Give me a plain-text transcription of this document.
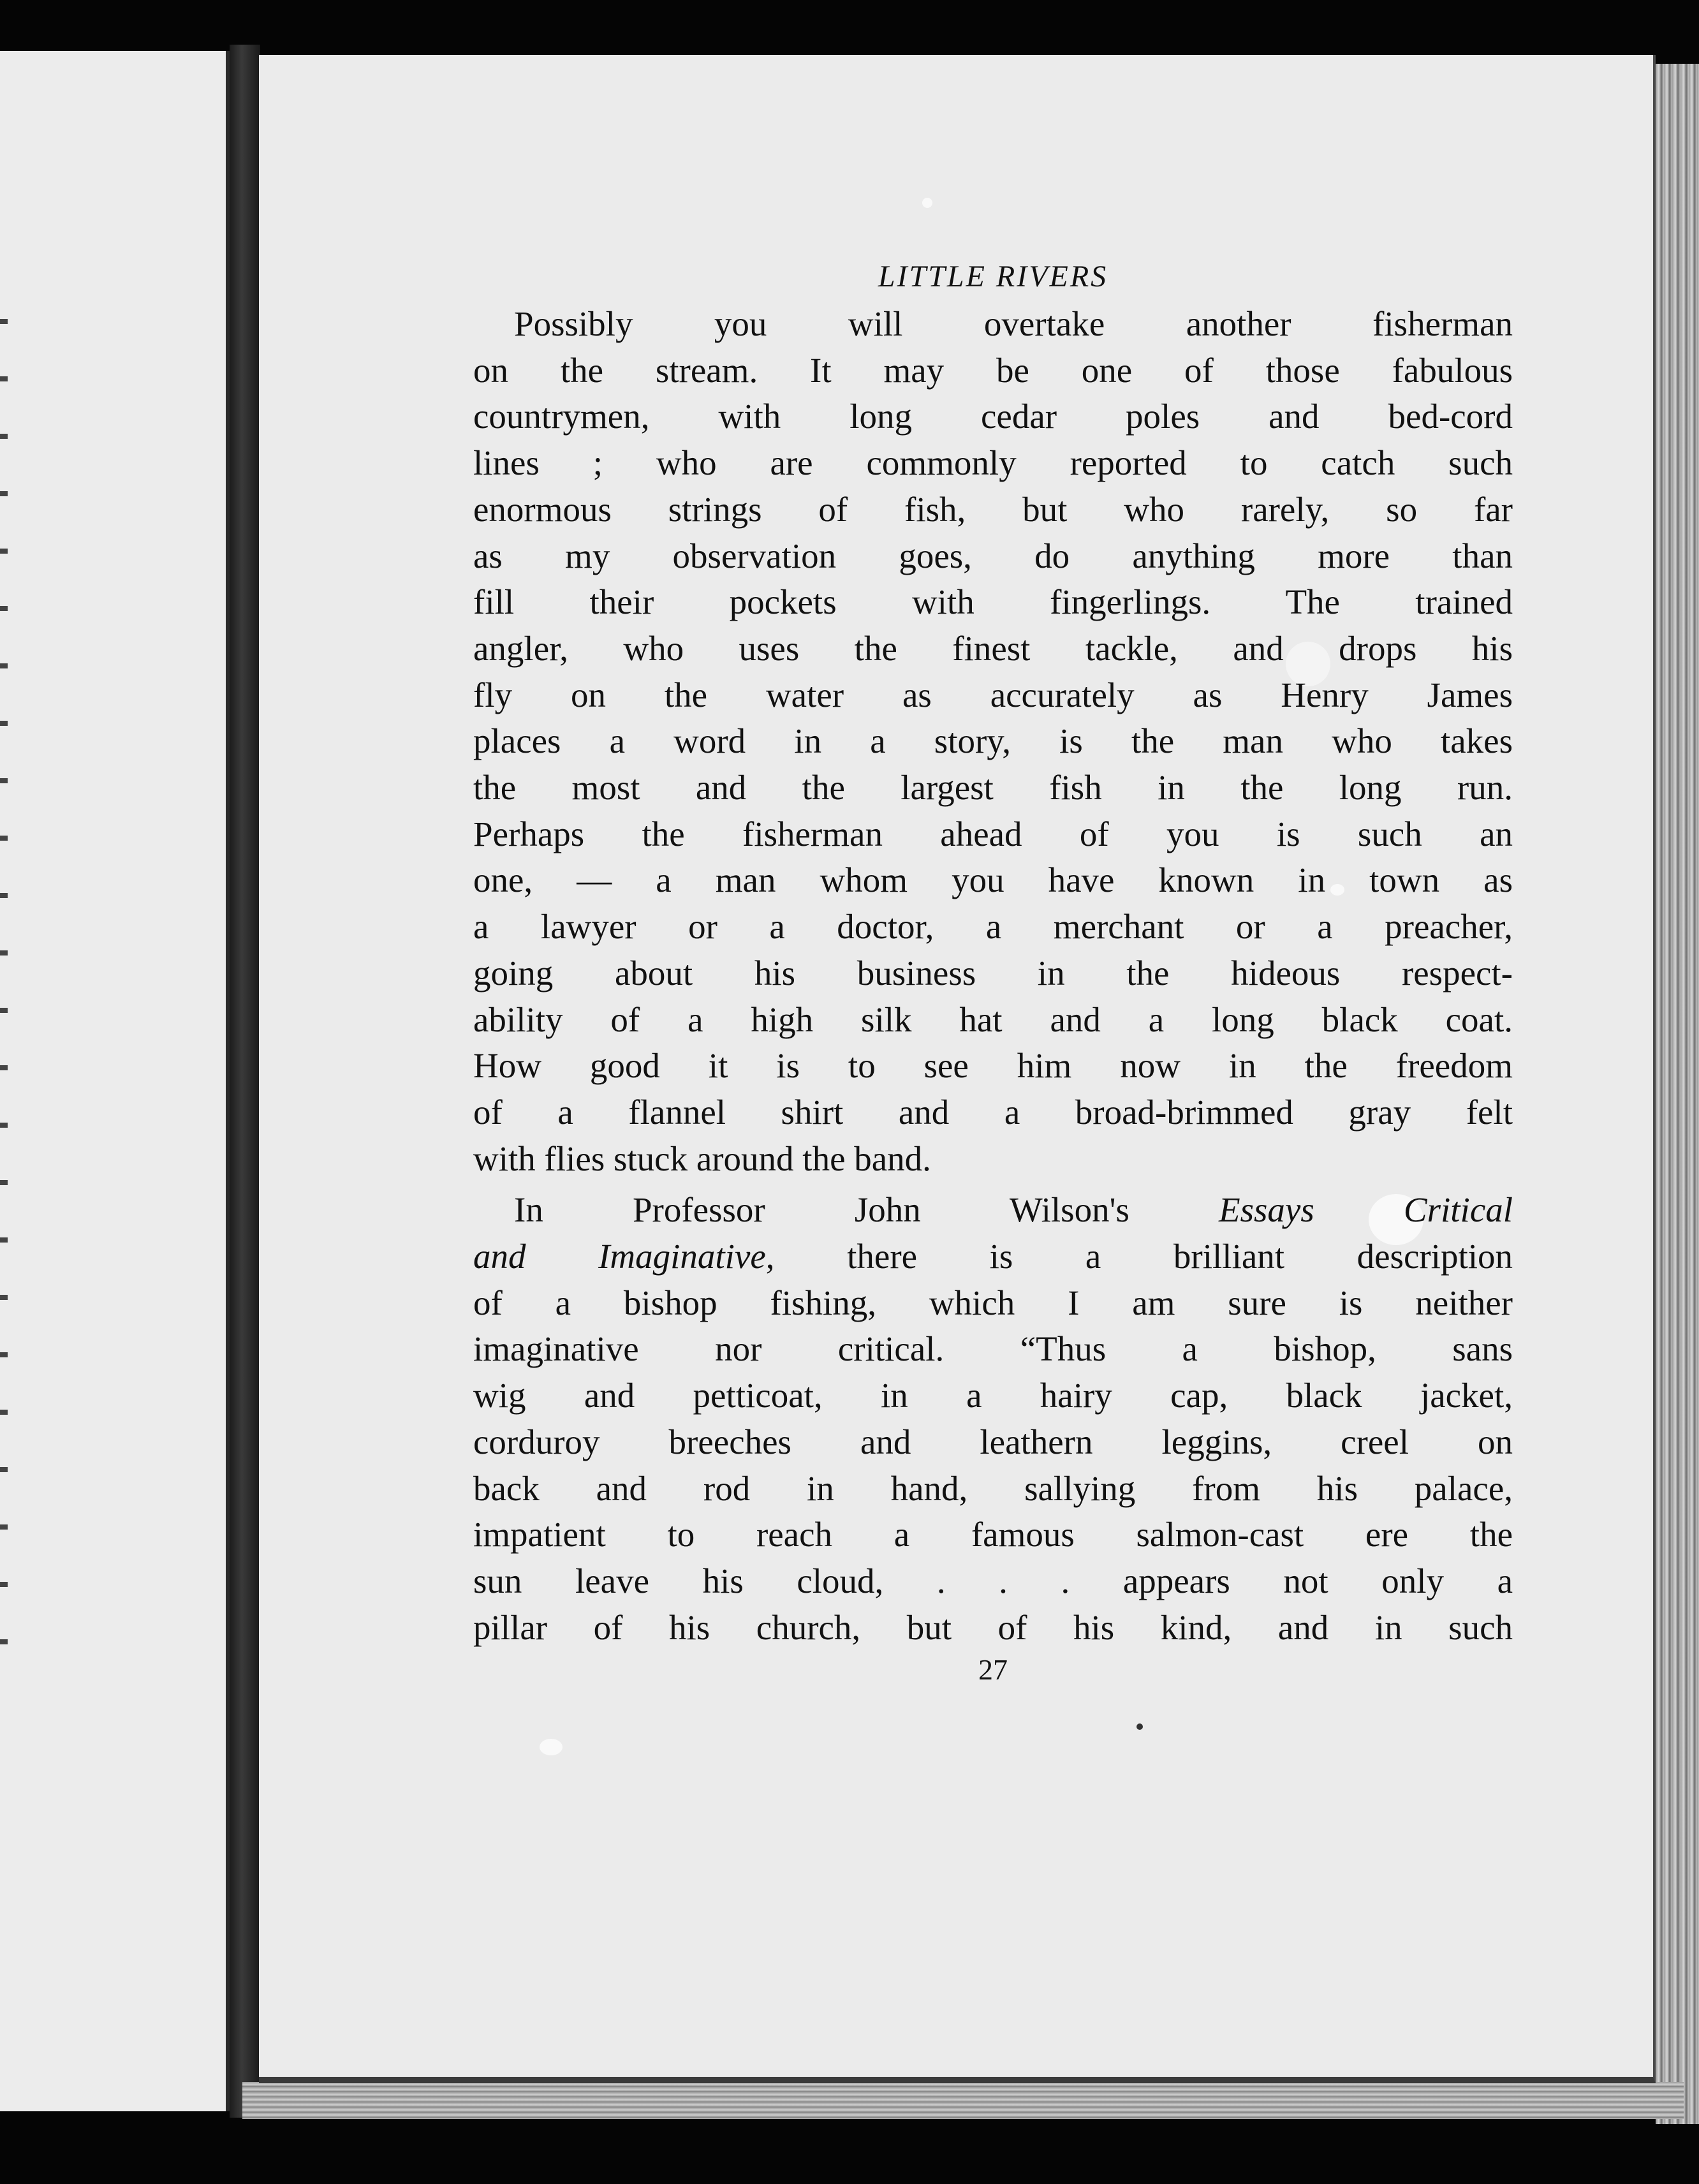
LITTLE RIVERS

Possibly you will overtake another fisherman
on the stream. It may be one of those fabulous
countrymen, with long cedar poles and bed-cord
lines ; who are commonly reported to catch such
enormous strings of fish, but who rarely, so far
as my observation goes, do anything more than
fill their pockets with fingerlings. The trained
angler, who uses the finest tackle, and drops his
fly on the water as accurately as Henry James
places a word in a story, is the man who takes
the most and the largest fish in the long run.
Perhaps the fisherman ahead of you is such an
one, — a man whom you have known in town as
a lawyer or a doctor, a merchant or a preacher,
going about his business in the hideous respect-
ability of a high silk hat and a long black coat.
How good it is to see him now in the freedom
of a flannel shirt and a broad-brimmed gray felt
with flies stuck around the band.

In Professor John Wilson's Essays Critical
and Imaginative, there is a brilliant description
of a bishop fishing, which I am sure is neither
imaginative nor critical. “Thus a bishop, sans
wig and petticoat, in a hairy cap, black jacket,
corduroy breeches and leathern leggins, creel on
back and rod in hand, sallying from his palace,
impatient to reach a famous salmon-cast ere the
sun leave his cloud, . . . appears not only a
pillar of his church, but of his kind, and in such

27
